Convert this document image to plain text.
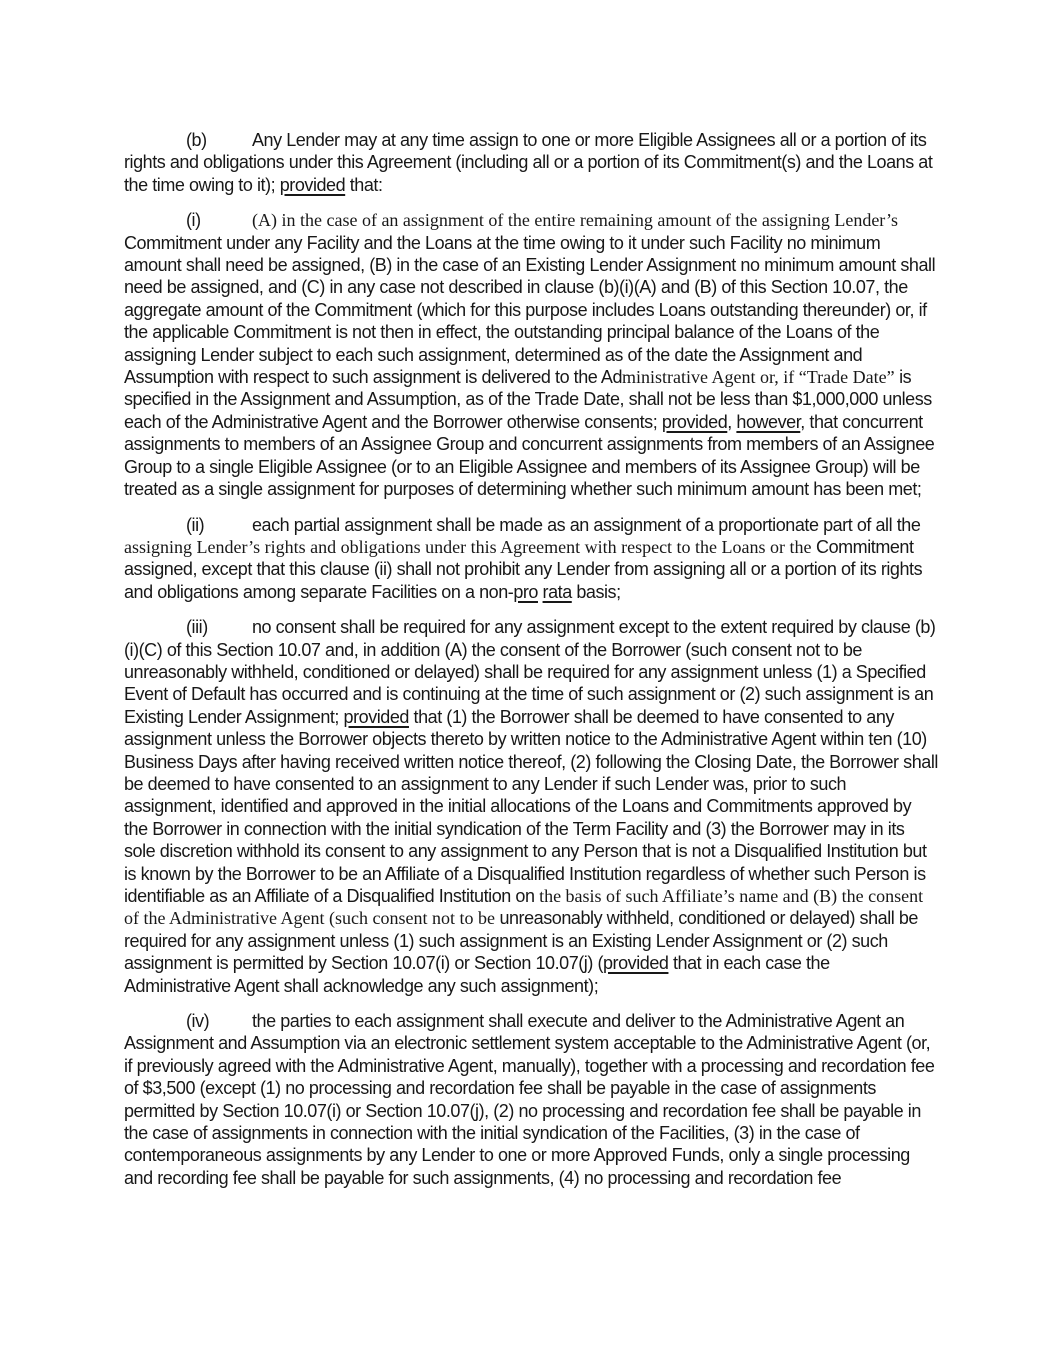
(b)	Any Lender may at any time assign to one or more Eligible Assignees all or a portion of its rights and obligations under this Agreement (including all or a portion of its Commitment(s) and the Loans at the time owing to it); provided that:

(i)	(A) in the case of an assignment of the entire remaining amount of the assigning Lender’s Commitment under any Facility and the Loans at the time owing to it under such Facility no minimum amount shall need be assigned, (B) in the case of an Existing Lender Assignment no minimum amount shall need be assigned, and (C) in any case not described in clause (b)(i)(A) and (B) of this Section 10.07, the aggregate amount of the Commitment (which for this purpose includes Loans outstanding thereunder) or, if the applicable Commitment is not then in effect, the outstanding principal balance of the Loans of the assigning Lender subject to each such assignment, determined as of the date the Assignment and Assumption with respect to such assignment is delivered to the Administrative Agent or, if “Trade Date” is specified in the Assignment and Assumption, as of the Trade Date, shall not be less than $1,000,000 unless each of the Administrative Agent and the Borrower otherwise consents; provided, however, that concurrent assignments to members of an Assignee Group and concurrent assignments from members of an Assignee Group to a single Eligible Assignee (or to an Eligible Assignee and members of its Assignee Group) will be treated as a single assignment for purposes of determining whether such minimum amount has been met;

(ii)	each partial assignment shall be made as an assignment of a proportionate part of all the assigning Lender’s rights and obligations under this Agreement with respect to the Loans or the Commitment assigned, except that this clause (ii) shall not prohibit any Lender from assigning all or a portion of its rights and obligations among separate Facilities on a non-pro rata basis;

(iii) no consent shall be required for any assignment except to the extent required by clause (b)(i)(C) of this Section 10.07 and, in addition (A) the consent of the Borrower (such consent not to be unreasonably withheld, conditioned or delayed) shall be required for any assignment unless (1) a Specified Event of Default has occurred and is continuing at the time of such assignment or (2) such assignment is an Existing Lender Assignment; provided that (1) the Borrower shall be deemed to have consented to any assignment unless the Borrower objects thereto by written notice to the Administrative Agent within ten (10) Business Days after having received written notice thereof, (2) following the Closing Date, the Borrower shall be deemed to have consented to an assignment to any Lender if such Lender was, prior to such assignment, identified and approved in the initial allocations of the Loans and Commitments approved by the Borrower in connection with the initial syndication of the Term Facility and (3) the Borrower may in its sole discretion withhold its consent to any assignment to any Person that is not a Disqualified Institution but is known by the Borrower to be an Affiliate of a Disqualified Institution regardless of whether such Person is identifiable as an Affiliate of a Disqualified Institution on the basis of such Affiliate’s name and (B) the consent of the Administrative Agent (such consent not to be unreasonably withheld, conditioned or delayed) shall be required for any assignment unless (1) such assignment is an Existing Lender Assignment or (2) such assignment is permitted by Section 10.07(i) or Section 10.07(j) (provided that in each case the Administrative Agent shall acknowledge any such assignment);

(iv) the parties to each assignment shall execute and deliver to the Administrative Agent an Assignment and Assumption via an electronic settlement system acceptable to the Administrative Agent (or, if previously agreed with the Administrative Agent, manually), together with a processing and recordation fee of $3,500 (except (1) no processing and recordation fee shall be payable in the case of assignments permitted by Section 10.07(i) or Section 10.07(j), (2) no processing and recordation fee shall be payable in the case of assignments in connection with the initial syndication of the Facilities, (3) in the case of contemporaneous assignments by any Lender to one or more Approved Funds, only a single processing and recording fee shall be payable for such assignments, (4) no processing and recordation fee
